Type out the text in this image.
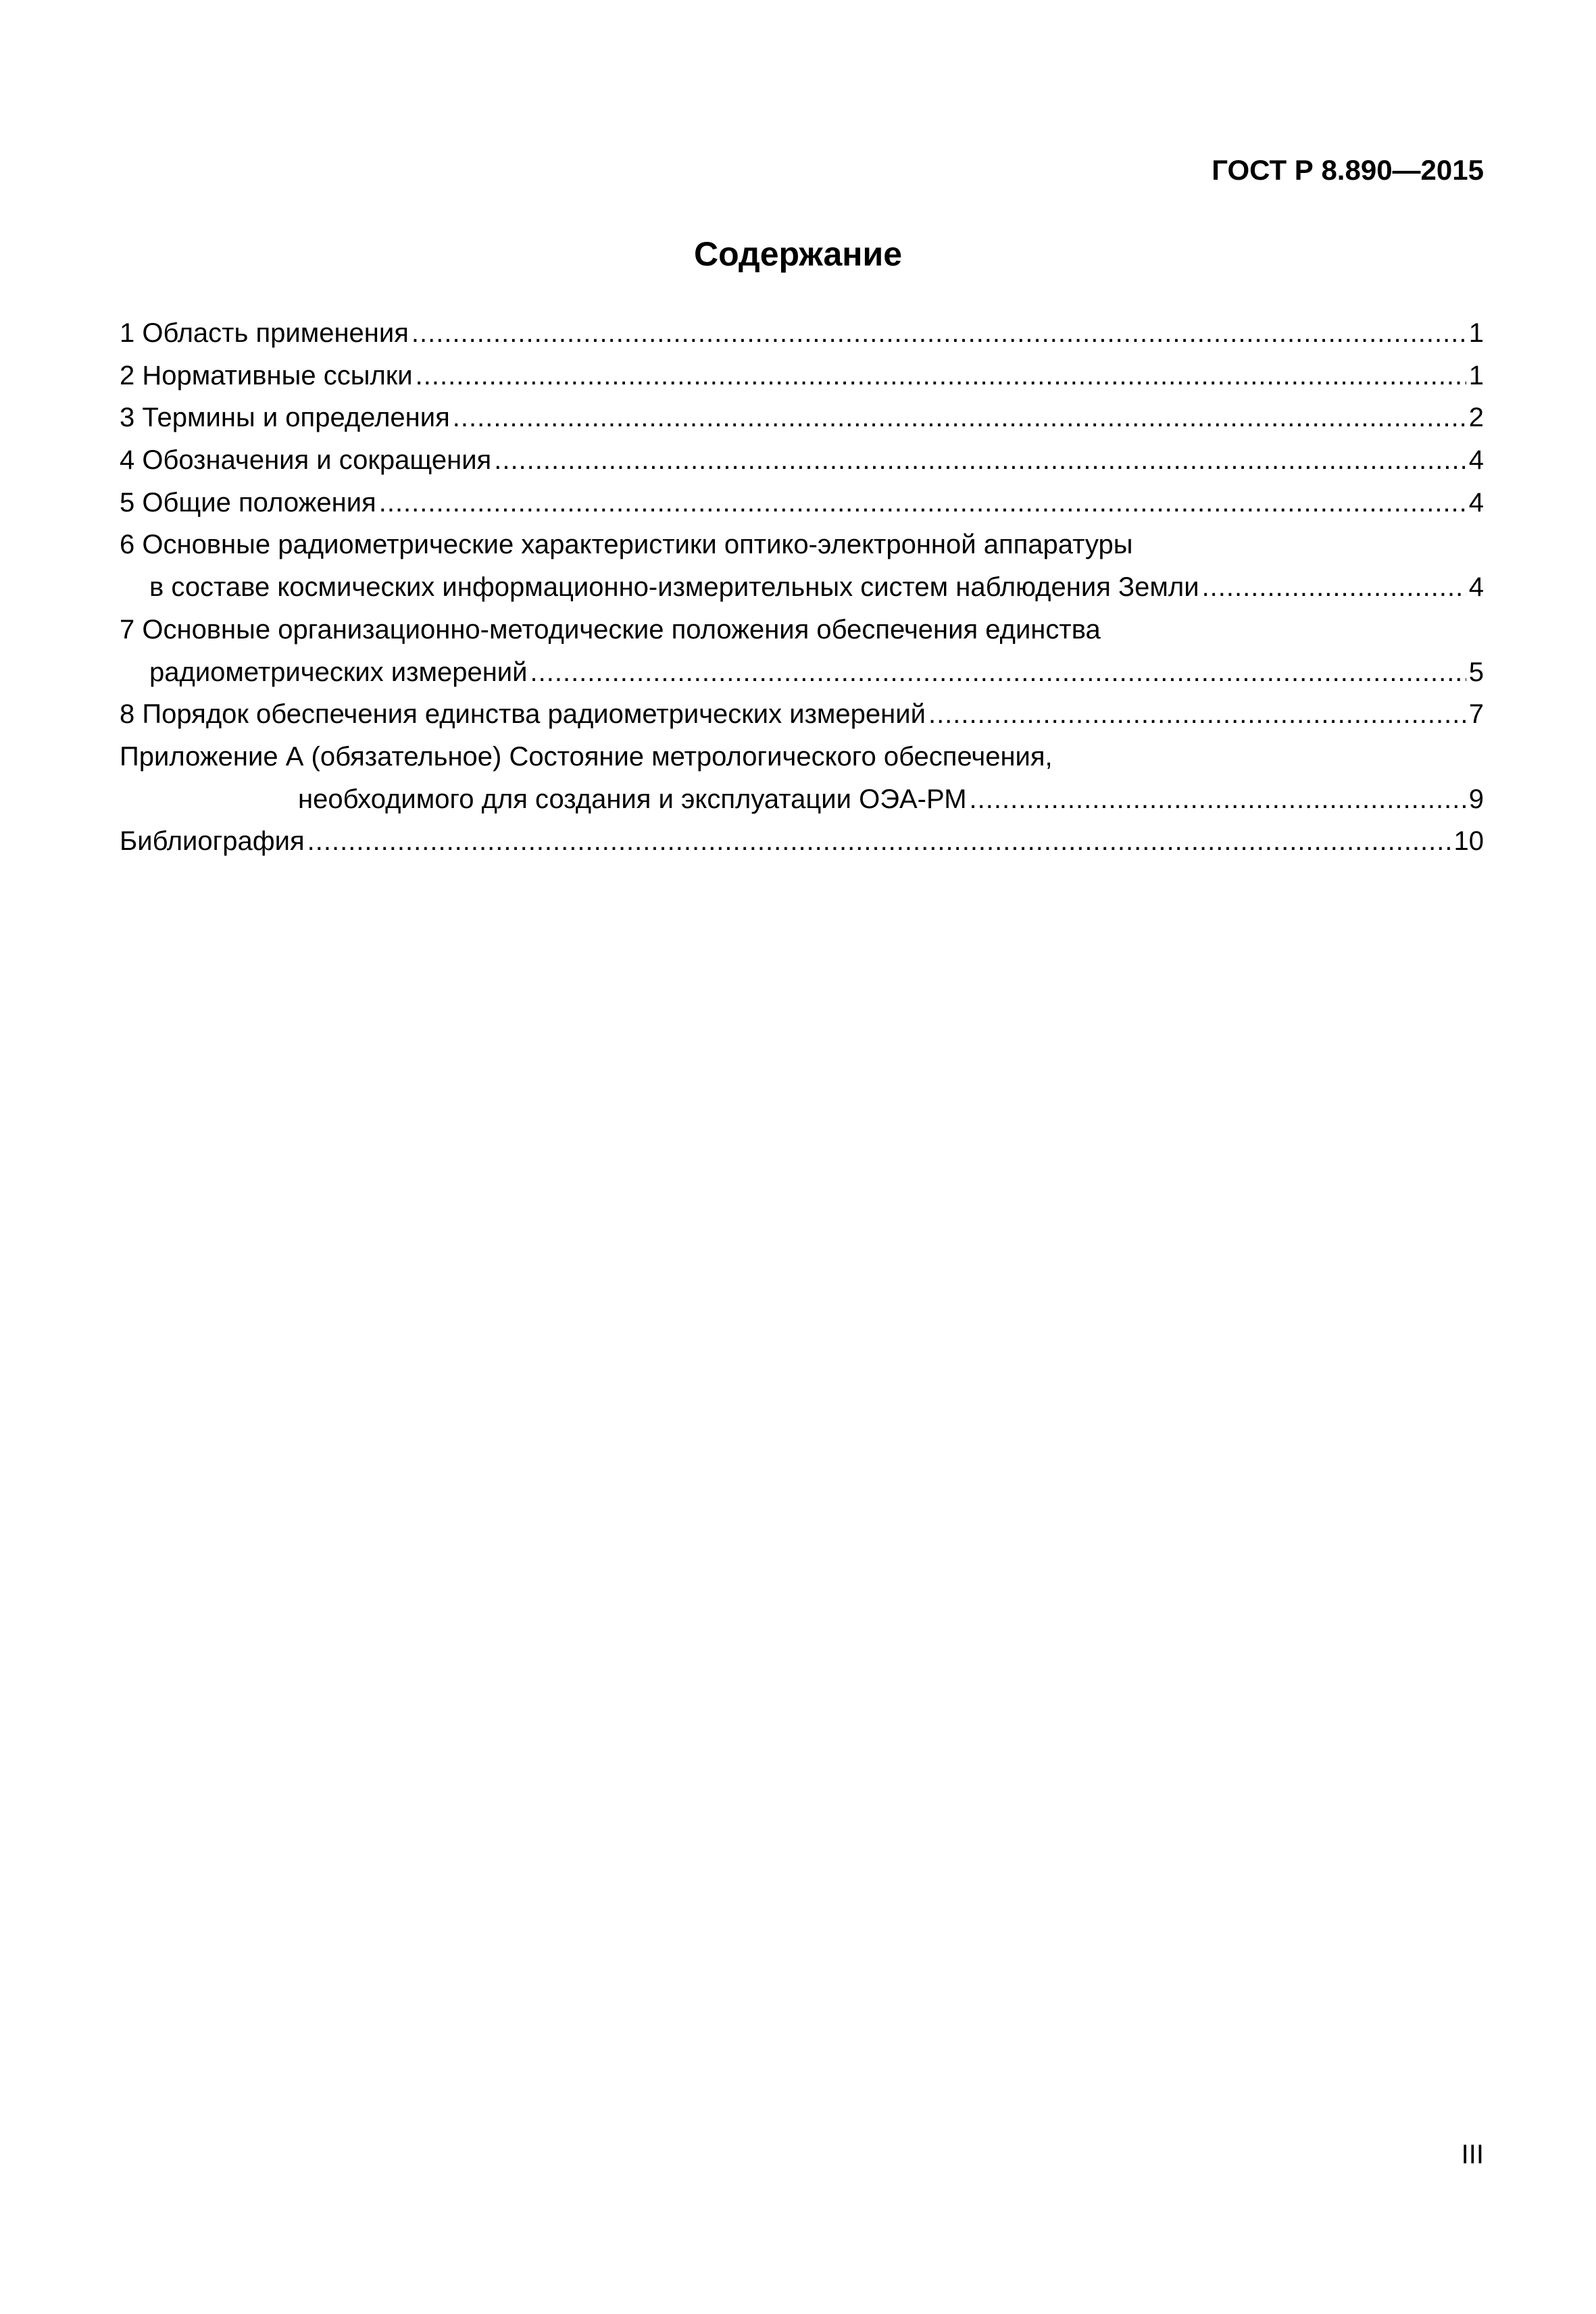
ГОСТ Р 8.890—2015
Содержание
1 Область применения .....	1
2 Нормативные ссылки .....	1
3 Термины и определения .....	2
4 Обозначения и сокращения .....	4
5 Общие положения .....	4
6 Основные радиометрические характеристики оптико-электронной аппаратуры
в составе космических информационно-измерительных систем наблюдения Земли .....	4
7 Основные организационно-методические положения обеспечения единства
радиометрических измерений .....	5
8 Порядок обеспечения единства радиометрических измерений .....	7
Приложение А (обязательное) Состояние метрологического обеспечения,
необходимого для создания и эксплуатации ОЭА-РМ .....	9
Библиография .....	10
III
